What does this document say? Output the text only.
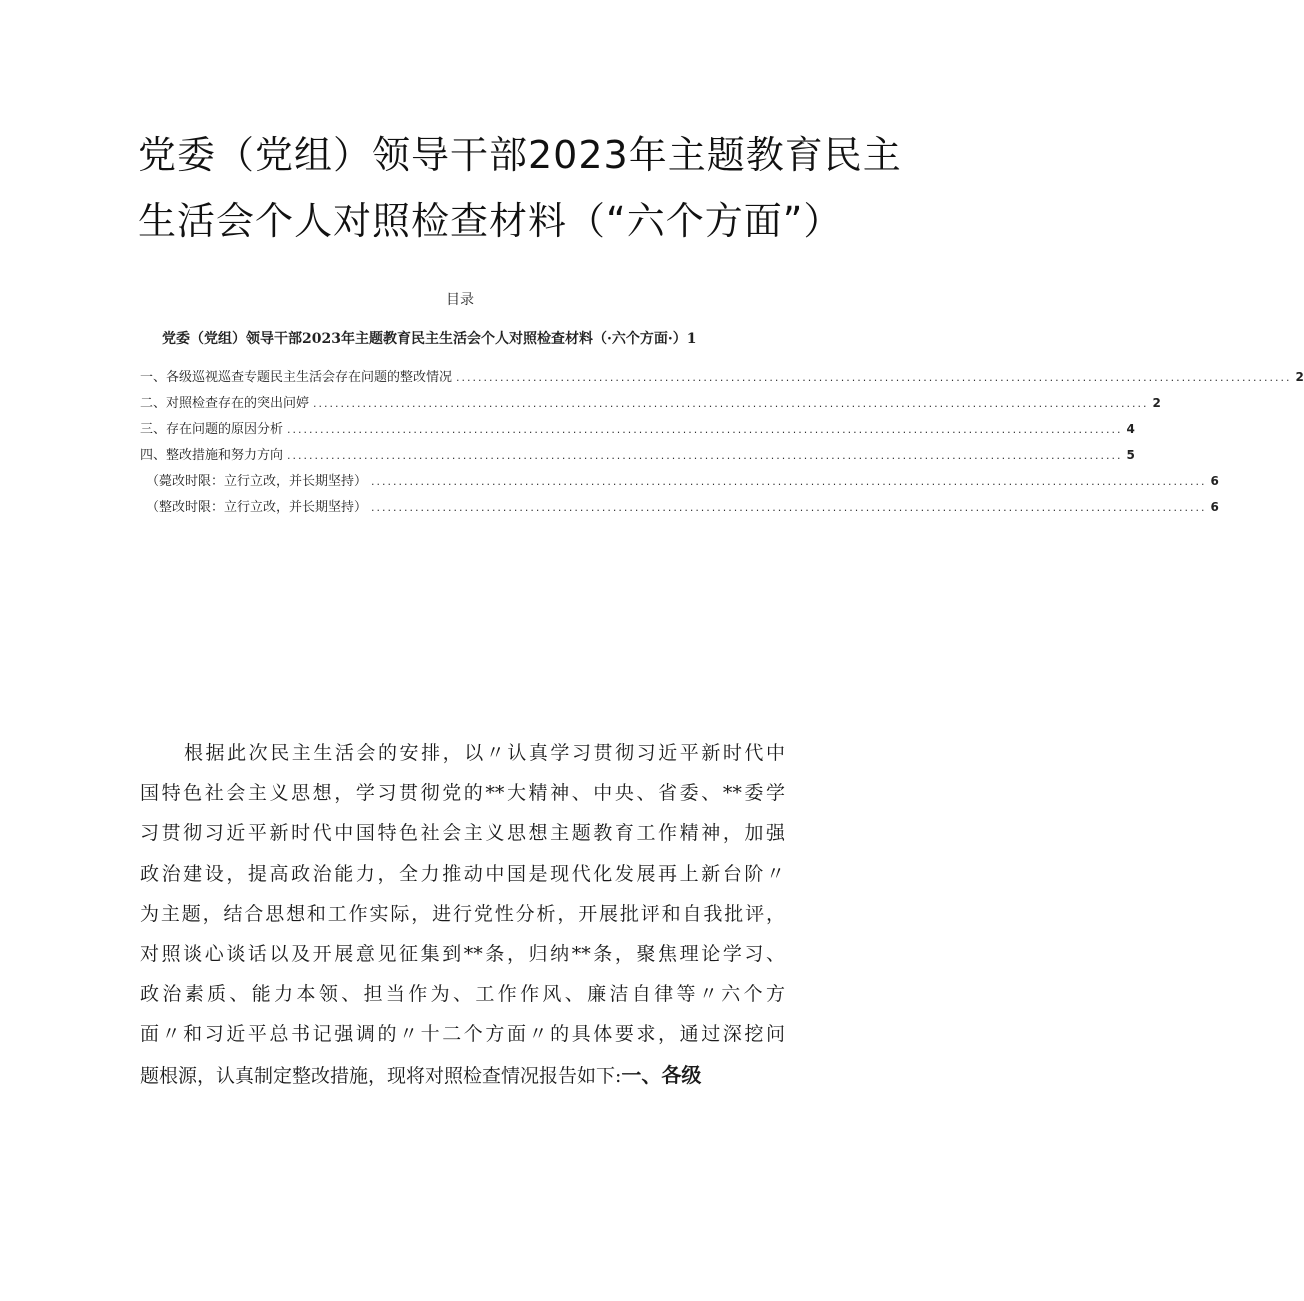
党委（党组）领导干部2023年主题教育民主
生活会个人对照检查材料（“六个方面”）
目录
党委（党组）领导干部2023年主题教育民主生活会个人对照检查材料（·六个方面·）1
一、各级巡视巡查专题民主生活会存在问题的整改情况 ........................................................................................................................................................ 2
二、对照检查存在的突出问婷 ........................................................................................................................................................ 2
三、存在问题的原因分析 ........................................................................................................................................................ 4
四、整改措施和努力方向 ........................................................................................................................................................ 5
（薨改时限：立行立改，并长期坚持） ........................................................................................................................................................ 6
（整改时限：立行立改，并长期坚持） ........................................................................................................................................................ 6
根据此次民主生活会的安排，以〃认真学习贯彻习近平新时代中
国特色社会主义思想，学习贯彻党的**大精神、中央、省委、**委学
习贯彻习近平新时代中国特色社会主义思想主题教育工作精神，加强
政治建设，提高政治能力，全力推动中国是现代化发展再上新台阶〃
为主题，结合思想和工作实际，进行党性分析，开展批评和自我批评，
对照谈心谈话以及开展意见征集到**条，归纳**条，聚焦理论学习、
政治素质、能力本领、担当作为、工作作风、廉洁自律等〃六个方
面〃和习近平总书记强调的〃十二个方面〃的具体要求，通过深挖问
题根源，认真制定整改措施，现将对照检查情况报告如下:一、各级
